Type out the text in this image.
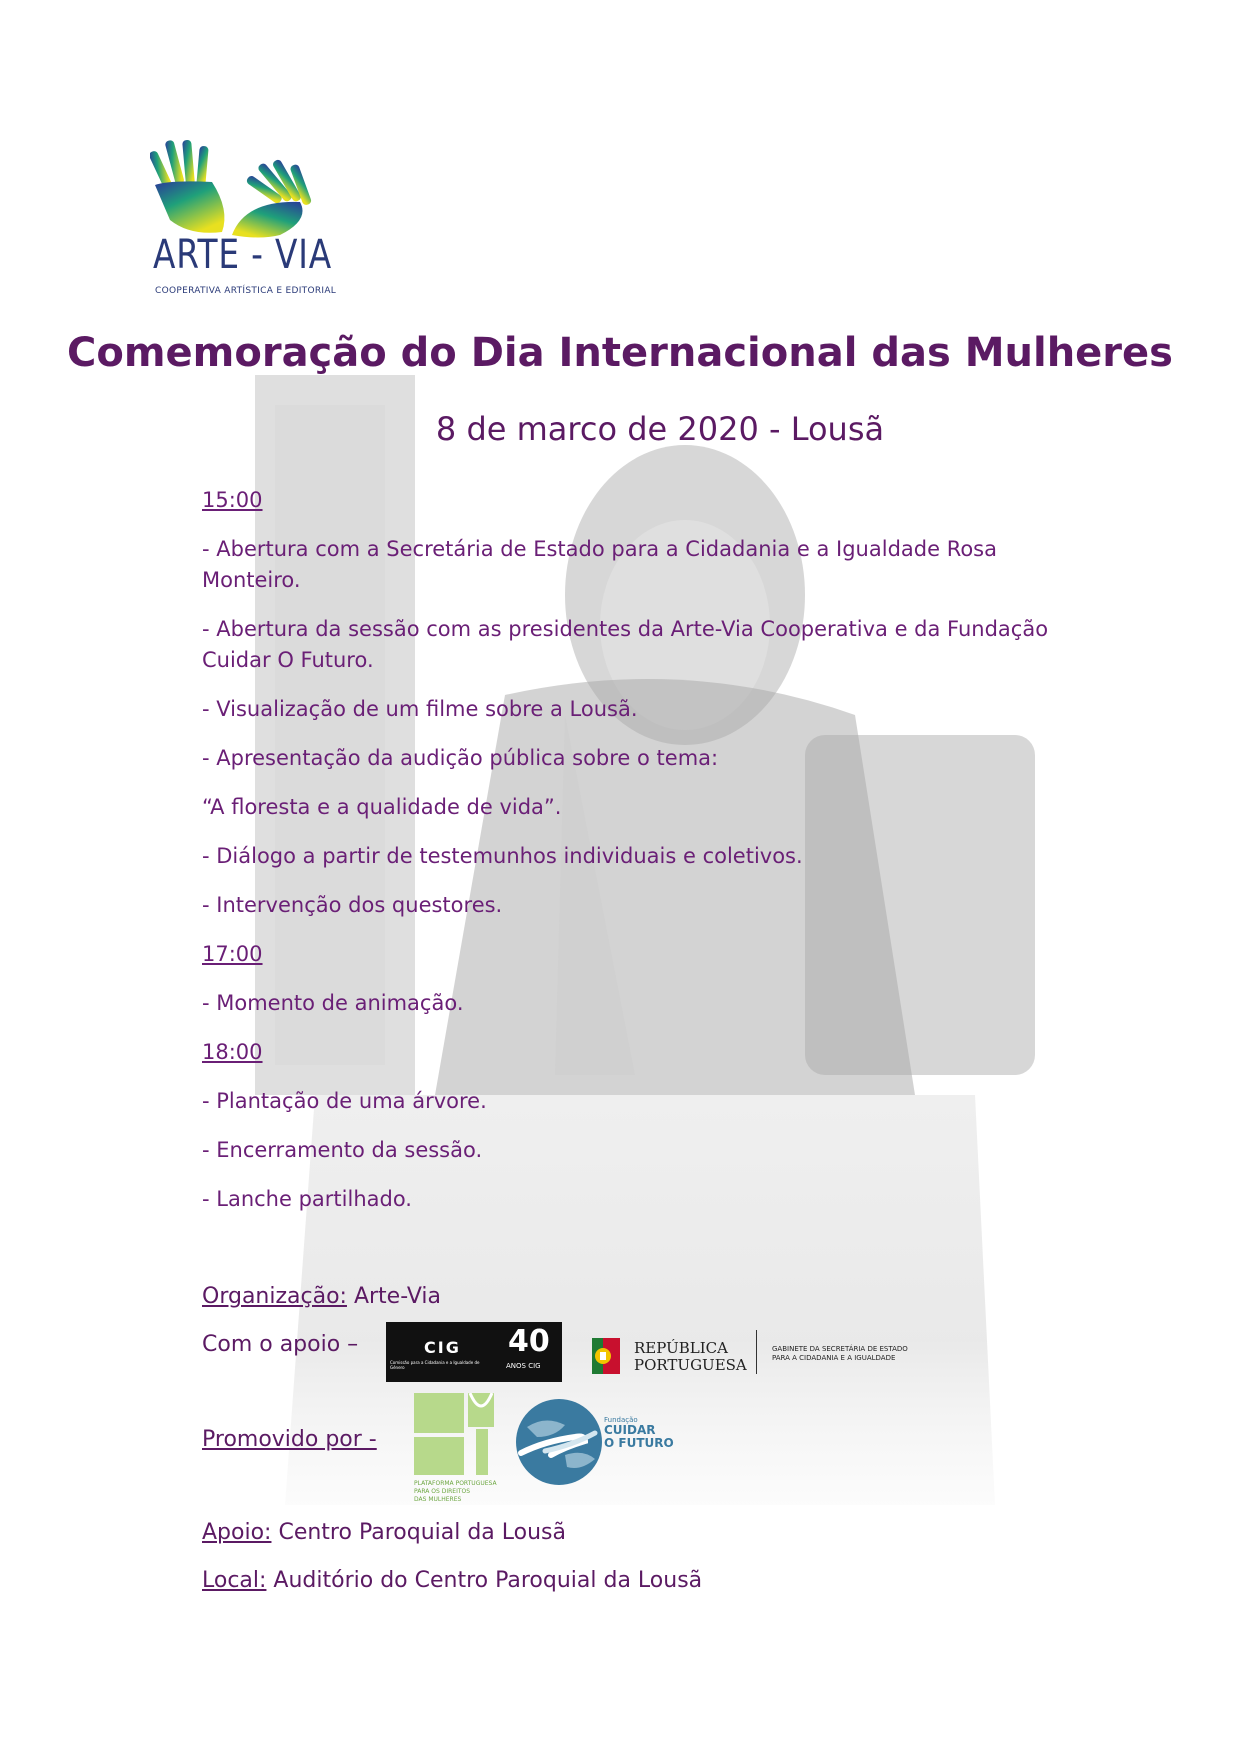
ARTE - VIA
COOPERATIVA ARTÍSTICA E EDITORIAL
Comemoração do Dia Internacional das Mulheres
8 de marco de 2020 - Lousã

15:00

- Abertura com a Secretária de Estado para a Cidadania e a Igualdade Rosa Monteiro.

- Abertura da sessão com as presidentes da Arte-Via Cooperativa e da Fundação Cuidar O Futuro.

- Visualização de um filme sobre a Lousã.

- Apresentação da audição pública sobre o tema:

“A floresta e a qualidade de vida”.

- Diálogo a partir de testemunhos individuais e coletivos.

- Intervenção dos questores.

17:00

- Momento de animação.

18:00

- Plantação de uma árvore.

- Encerramento da sessão.

- Lanche partilhado.

Organização: Arte-Via
Com o apoio –	CIG
Comissão para a Cidadania e a Igualdade de Género
40
ANOS CIG
REPÚBLICA
PORTUGUESA
GABINETE DA SECRETÁRIA DE ESTADO
PARA A CIDADANIA E A IGUALDADE
Promovido por -
PLATAFORMA PORTUGUESA
PARA OS DIREITOS
DAS MULHERES
Fundação
CUIDAR
O FUTURO
Apoio: Centro Paroquial da Lousã
Local: Auditório do Centro Paroquial da Lousã
